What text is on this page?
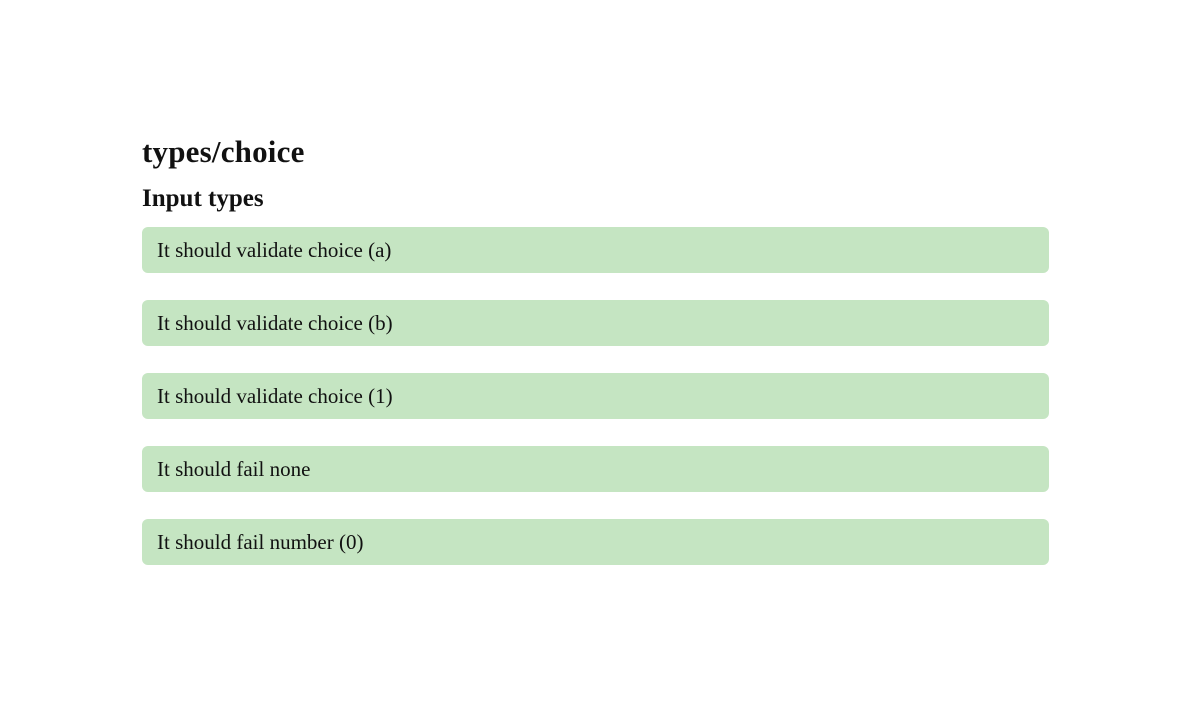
types/choice
Input types
It should validate choice (a)
It should validate choice (b)
It should validate choice (1)
It should fail none
It should fail number (0)
